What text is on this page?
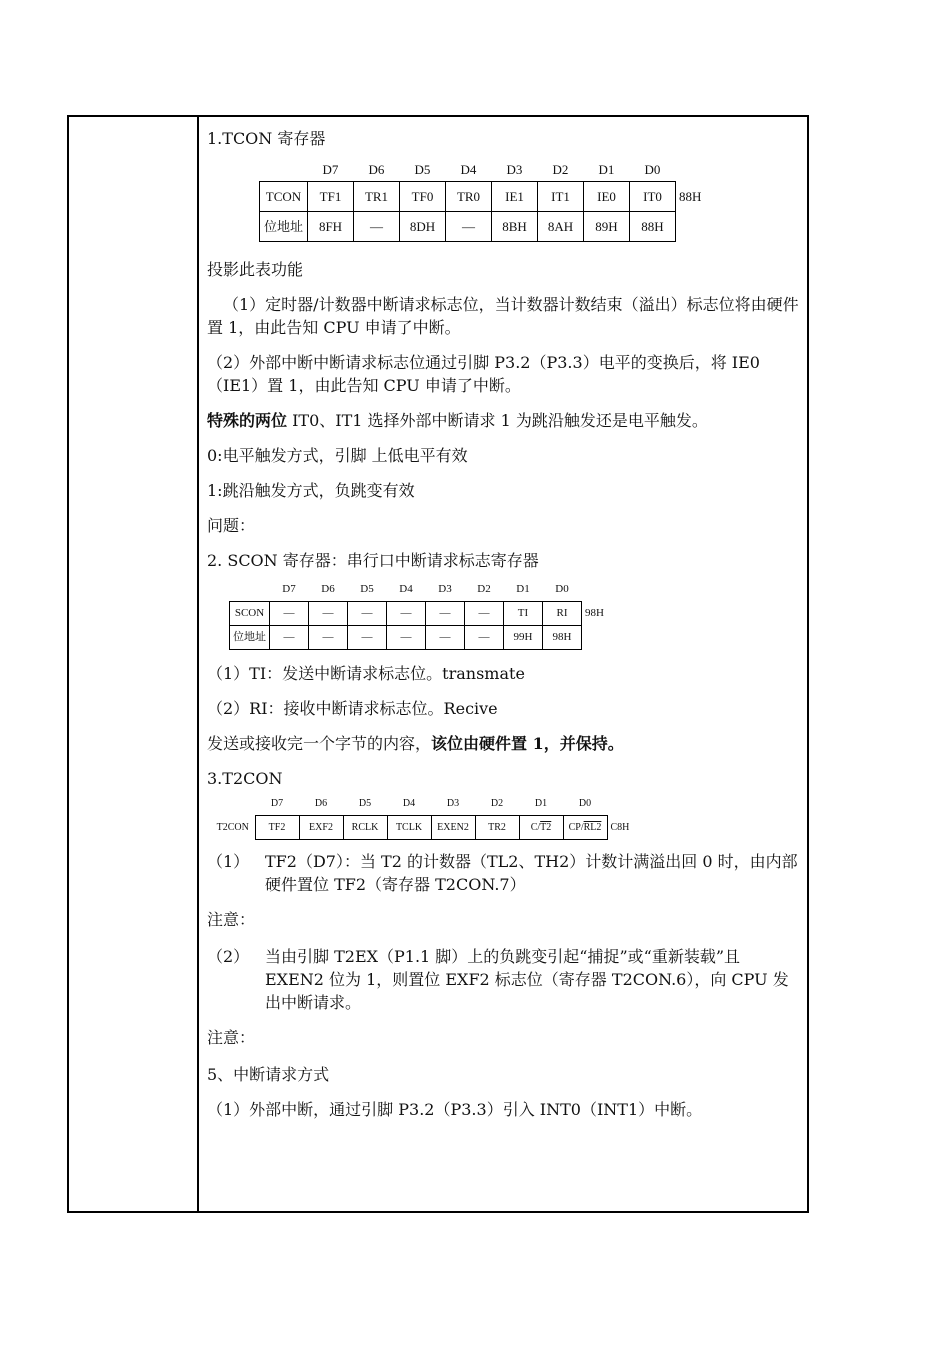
1.TCON 寄存器

	D7	D6	D5	D4	D3	D2	D1	D0	
TCON	TF1	TR1	TF0	TR0	IE1	IT1	IE0	IT0	88H
位地址	8FH	—	8DH	—	8BH	8AH	89H	88H	

投影此表功能

（1）定时器/计数器中断请求标志位，当计数器计数结束（溢出）标志位将由硬件置 1，由此告知 CPU 申请了中断。

（2）外部中断中断请求标志位通过引脚 P3.2（P3.3）电平的变换后，将 IE0（IE1）置 1，由此告知 CPU 申请了中断。

特殊的两位 IT0、IT1 选择外部中断请求 1 为跳沿触发还是电平触发。

0:电平触发方式，引脚 上低电平有效

1:跳沿触发方式，负跳变有效

问题：

2. SCON 寄存器：串行口中断请求标志寄存器

	D7	D6	D5	D4	D3	D2	D1	D0	
SCON	—	—	—	—	—	—	TI	RI	98H
位地址	—	—	—	—	—	—	99H	98H	

（1）TI：发送中断请求标志位。transmate

（2）RI：接收中断请求标志位。Recive

发送或接收完一个字节的内容，该位由硬件置 1，并保持。

3.T2CON

	D7	D6	D5	D4	D3	D2	D1	D0	
T2CON	TF2	EXF2	RCLK	TCLK	EXEN2	TR2	C/T2	CP/RL2	C8H
（1） TF2（D7）：当 T2 的计数器（TL2、TH2）计数计满溢出回 0 时，由内部硬件置位 TF2（寄存器 T2CON.7）

注意：

（2） 当由引脚 T2EX（P1.1 脚）上的负跳变引起“捕捉”或“重新装载”且 EXEN2 位为 1，则置位 EXF2 标志位（寄存器 T2CON.6），向 CPU 发出中断请求。

注意：

5、中断请求方式

（1）外部中断，通过引脚 P3.2（P3.3）引入 INT0（INT1）中断。
